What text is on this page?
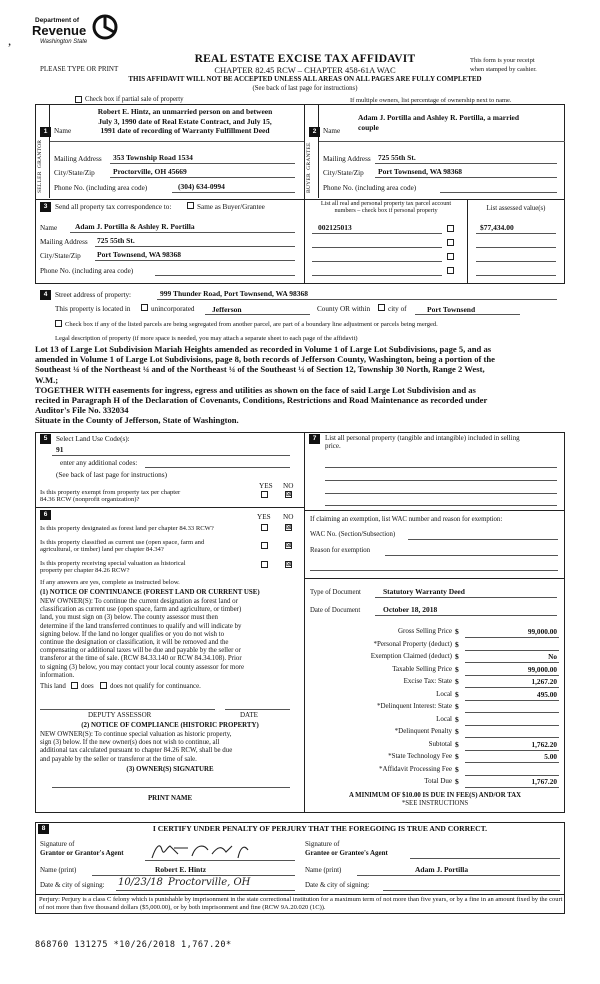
,
Department of
Revenue
Washington State
PLEASE TYPE OR PRINT
REAL ESTATE EXCISE TAX AFFIDAVIT
CHAPTER 82.45 RCW – CHAPTER 458-61A WAC
THIS AFFIDAVIT WILL NOT BE ACCEPTED UNLESS ALL AREAS ON ALL PAGES ARE FULLY COMPLETED
(See back of last page for instructions)
This form is your receipt
when stamped by cashier.
Check box if partial sale of property	If multiple owners, list percentage of ownership next to name.
SELLER  GRANTOR
1 Name
Robert E. Hintz, an unmarried person on and between
July 3, 1990 date of Real Estate Contract, and July 15,
1991 date of recording of Warranty Fulfillment Deed
Mailing Address 353 Township Road 1534
City/State/Zip Proctorville, OH 45669
Phone No. (including area code)	(304) 634-0994	BUYER  GRANTEE
2 Name
Adam J. Portilla and Ashley R. Portilla, a married
couple
Mailing Address 725 55th St.
City/State/Zip Port Townsend, WA 98368
Phone No. (including area code)
3	Send all property tax correspondence to:	Same as Buyer/Grantee
Name Adam J. Portilla & Ashley R. Portilla
Mailing Address 725 55th St.
City/State/Zip Port Townsend, WA 98368
Phone No. (including area code)
List all real and personal property tax parcel account
numbers – check box if personal property	List assessed value(s)
002125013	$77,434.00
4	Street address of property:	999 Thunder Road, Port Townsend, WA 98368
This property is located in	unincorporated Jefferson	County OR within city of	Port Townsend
Check box if any of the listed parcels are being segregated from another parcel, are part of a boundary line adjustment or parcels being merged.
Legal description of property (if more space is needed, you may attach a separate sheet to each page of the affidavit)
Lot 13 of Large Lot Subdivision Mariah Heights amended as recorded in Volume 1 of Large Lot Subdivisions, page 5, and as
amended in Volume 1 of Large Lot Subdivisions, page 8, both records of Jefferson County, Washington, being a portion of the
Southeast ¼ of the Northeast ¼ and of the Northeast ¼ of the Southeast ¼ of Section 12, Township 30 North, Range 2 West,
W.M.;
TOGETHER WITH easements for ingress, egress and utilities as shown on the face of said Large Lot Subdivision and as
recited in Paragraph H of the Declaration of Covenants, Conditions, Restrictions and Road Maintenance as recorded under
Auditor's File No. 332034
Situate in the County of Jefferson, State of Washington.
5	Select Land Use Code(s):
91
enter any additional codes:
(See back of last page for instructions)
YES NO
Is this property exempt from property tax per chapter
84.36 RCW (nonprofit organization)?
⊠
6	YES NO
Is this property designated as forest land per chapter 84.33 RCW?	⊠
Is this property classified as current use (open space, farm and
agricultural, or timber) land per chapter 84.34?
⊠
Is this property receiving special valuation as historical
property per chapter 84.26 RCW?
⊠
If any answers are yes, complete as instructed below.
(1) NOTICE OF CONTINUANCE (FOREST LAND OR CURRENT USE)
NEW OWNER(S): To continue the current designation as forest land or
classification as current use (open space, farm and agriculture, or timber)
land, you must sign on (3) below. The county assessor must then
determine if the land transferred continues to qualify and will indicate by
signing below. If the land no longer qualifies or you do not wish to
continue the designation or classification, it will be removed and the
compensating or additional taxes will be due and payable by the seller or
transferor at the time of sale. (RCW 84.33.140 or RCW 84.34.108). Prior
to signing (3) below, you may contact your local county assessor for more
information.
This land does does not qualify for continuance.
DEPUTY ASSESSOR	DATE
(2) NOTICE OF COMPLIANCE (HISTORIC PROPERTY)
NEW OWNER(S): To continue special valuation as historic property,
sign (3) below. If the new owner(s) does not wish to continue, all
additional tax calculated pursuant to chapter 84.26 RCW, shall be due
and payable by the seller or transferor at the time of sale.
(3) OWNER(S) SIGNATURE
PRINT NAME
7	List all personal property (tangible and intangible) included in selling
price.
If claiming an exemption, list WAC number and reason for exemption:
WAC No. (Section/Subsection)
Reason for exemption
Type of Document	Statutory Warranty Deed
Date of Document	October 18, 2018
Gross Selling Price $	99,000.00
*Personal Property (deduct) $
Exemption Claimed (deduct) $	No
Taxable Selling Price $	99,000.00
Excise Tax: State $	1,267.20
Local $	495.00
*Delinquent Interest: State $
Local $
*Delinquent Penalty $
Subtotal $	1,762.20
*State Technology Fee $	5.00
*Affidavit Processing Fee $
Total Due $	1,767.20
A MINIMUM OF $10.00 IS DUE IN FEE(S) AND/OR TAX
*SEE INSTRUCTIONS
8	I CERTIFY UNDER PENALTY OF PERJURY THAT THE FOREGOING IS TRUE AND CORRECT.
Signature of
Grantor or Grantor's Agent
Name (print)	Robert E. Hintz
Date & city of signing: 10/23/18 Proctorville, OH
Signature of
Grantee or Grantee's Agent
Name (print)	Adam J. Portilla
Date & city of signing:
Perjury: Perjury is a class C felony which is punishable by imprisonment in the state correctional institution for a maximum term of not more than five years, or by a fine in an amount fixed by the court of not more than five thousand dollars ($5,000.00), or by both imprisonment and fine (RCW 9A.20.020 (1C)).
868760 131275 *10/26/2018 1,767.20*
